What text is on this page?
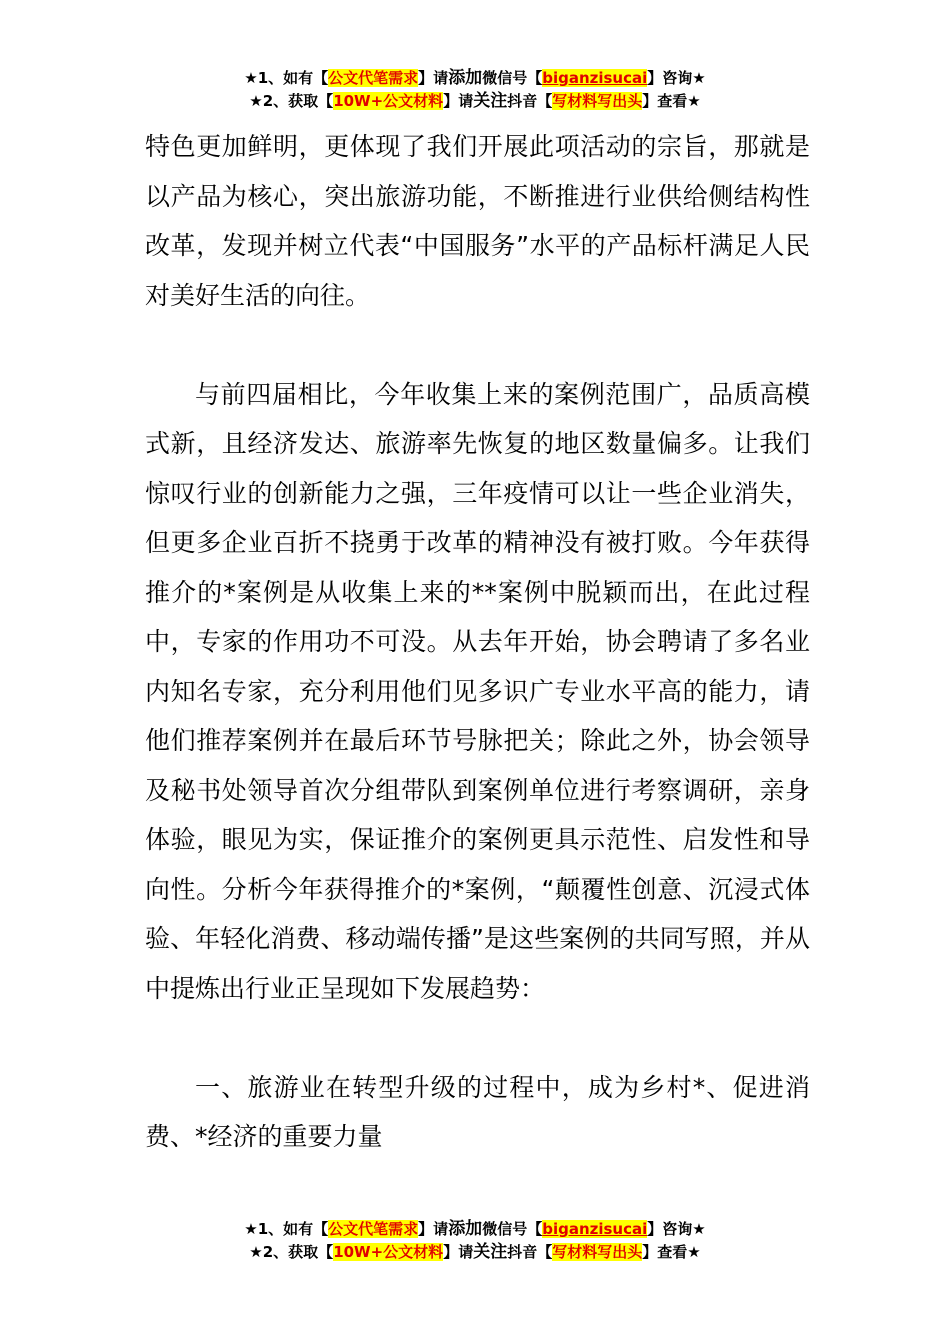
★1、如有【公文代笔需求】请添加微信号【biganzisucai】咨询★
★2、获取【10W+公文材料】请关注抖音【写材料写出头】查看★

特色更加鲜明，更体现了我们开展此项活动的宗旨，那就是以产品为核心，突出旅游功能，不断推进行业供给侧结构性改革，发现并树立代表“中国服务”水平的产品标杆满足人民对美好生活的向往。

与前四届相比，今年收集上来的案例范围广，品质高模式新，且经济发达、旅游率先恢复的地区数量偏多。让我们惊叹行业的创新能力之强，三年疫情可以让一些企业消失，但更多企业百折不挠勇于改革的精神没有被打败。今年获得推介的*案例是从收集上来的**案例中脱颖而出，在此过程中，专家的作用功不可没。从去年开始，协会聘请了多名业内知名专家，充分利用他们见多识广专业水平高的能力，请他们推荐案例并在最后环节号脉把关；除此之外，协会领导及秘书处领导首次分组带队到案例单位进行考察调研，亲身体验，眼见为实，保证推介的案例更具示范性、启发性和导向性。分析今年获得推介的*案例，“颠覆性创意、沉浸式体验、年轻化消费、移动端传播”是这些案例的共同写照，并从中提炼出行业正呈现如下发展趋势：

一、旅游业在转型升级的过程中，成为乡村*、促进消费、*经济的重要力量

★1、如有【公文代笔需求】请添加微信号【biganzisucai】咨询★
★2、获取【10W+公文材料】请关注抖音【写材料写出头】查看★
